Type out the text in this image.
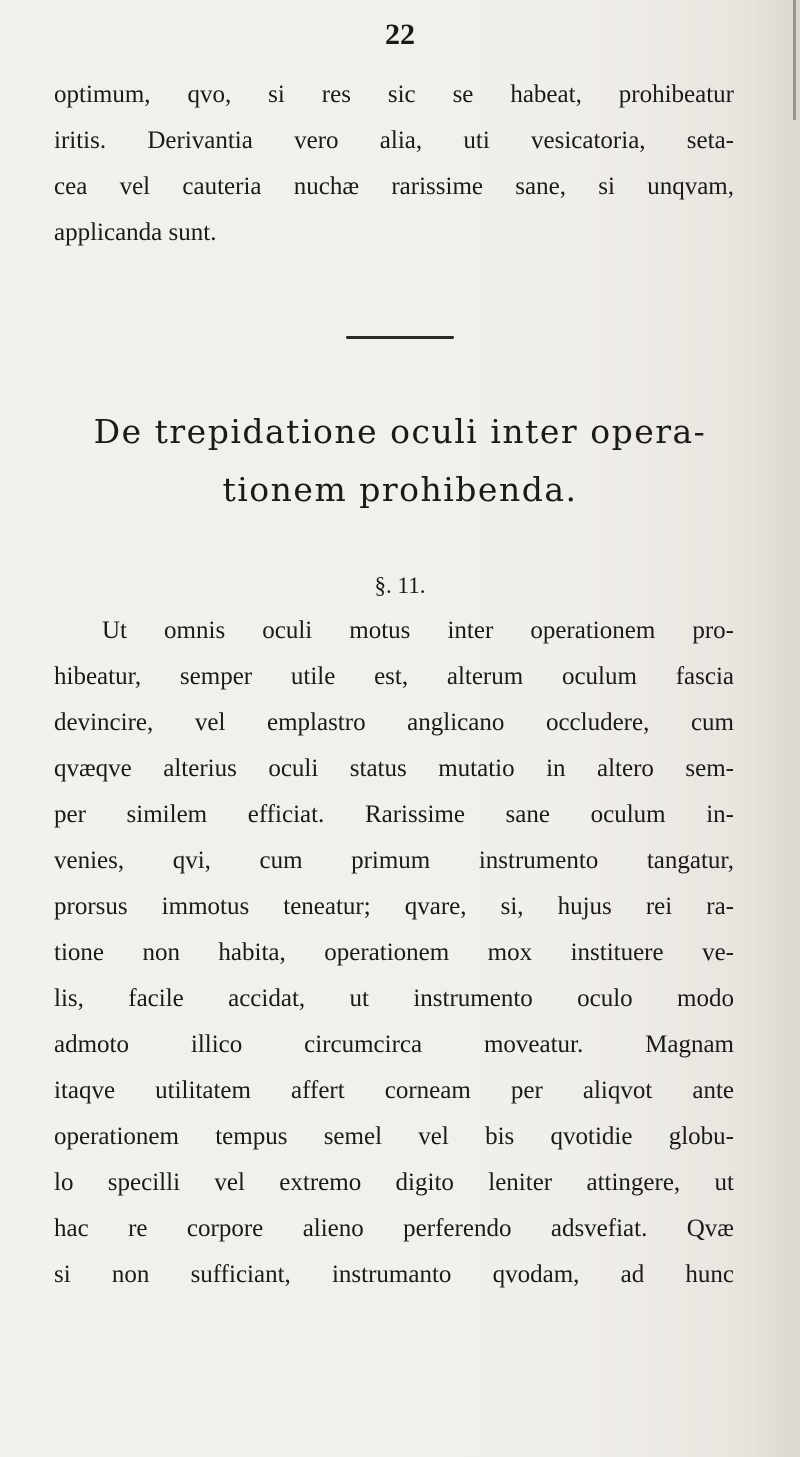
22
optimum, qvo, si res sic se habeat, prohibeatur
iritis. Derivantia vero alia, uti vesicatoria, seta-
cea vel cauteria nuchæ rarissime sane, si unqvam,
applicanda sunt.
De trepidatione oculi inter opera-
tionem prohibenda.
§. 11.
Ut omnis oculi motus inter operationem pro-
hibeatur, semper utile est, alterum oculum fascia
devincire, vel emplastro anglicano occludere, cum
qvæqve alterius oculi status mutatio in altero sem-
per similem efficiat. Rarissime sane oculum in-
venies, qvi, cum primum instrumento tangatur,
prorsus immotus teneatur; qvare, si, hujus rei ra-
tione non habita, operationem mox instituere ve-
lis, facile accidat, ut instrumento oculo modo
admoto illico circumcirca moveatur. Magnam
itaqve utilitatem affert corneam per aliqvot ante
operationem tempus semel vel bis qvotidie globu-
lo specilli vel extremo digito leniter attingere, ut
hac re corpore alieno perferendo adsvefiat. Qvæ
si non sufficiant, instrumanto qvodam, ad hunc
